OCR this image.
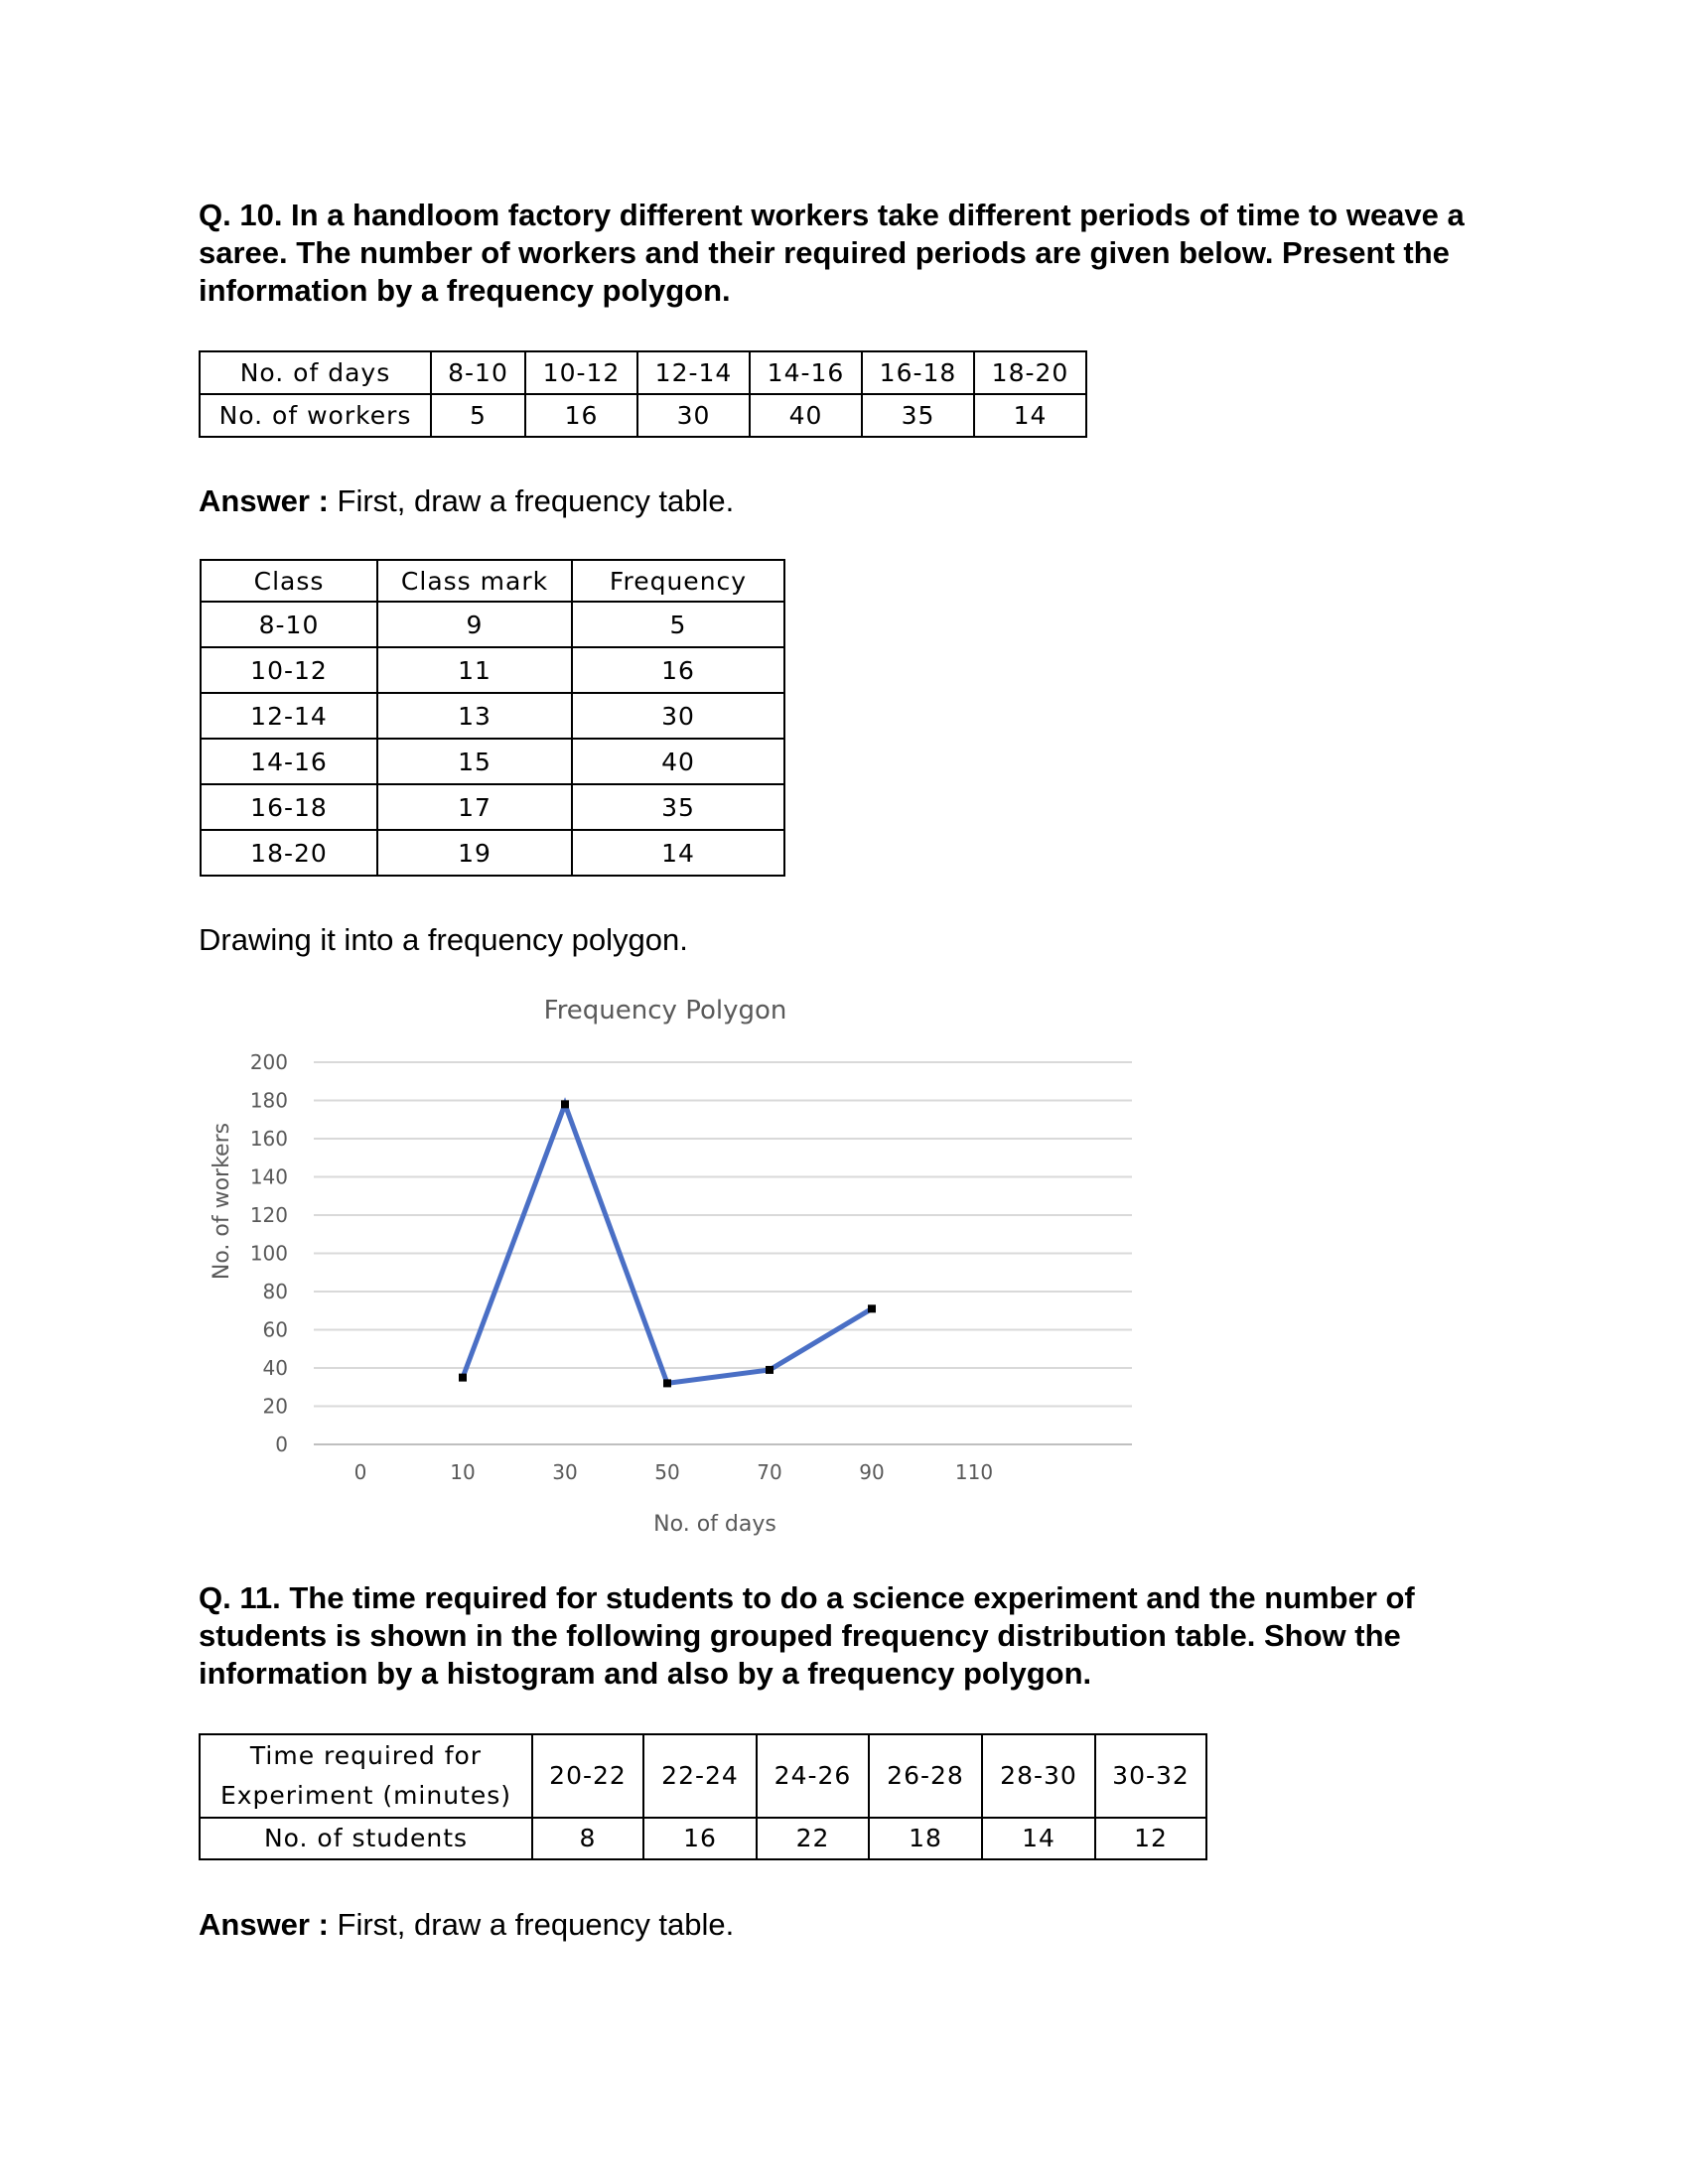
Q. 10. In a handloom factory different workers take different periods of time to weave a saree. The number of workers and their required periods are given below. Present the information by a frequency polygon.

No. of days	8-10	10-12	12-14	14-16	16-18	18-20
No. of workers	5	16	30	40	35	14

Answer : First, draw a frequency table.

Class	Class mark	Frequency
8-10	9	5
10-12	11	16
12-14	13	30
14-16	15	40
16-18	17	35
18-20	19	14

Drawing it into a frequency polygon.

Frequency Polygon
0
20
40
60
80
100
120
140
160
180
200
0	10	30	50	70	90	110
No. of workers
No. of days

Q. 11. The time required for students to do a science experiment and the number of students is shown in the following grouped frequency distribution table. Show the information by a histogram and also by a frequency polygon.

Time required for
Experiment (minutes)	20-22	22-24	24-26	26-28	28-30	30-32
No. of students	8	16	22	18	14	12

Answer : First, draw a frequency table.
